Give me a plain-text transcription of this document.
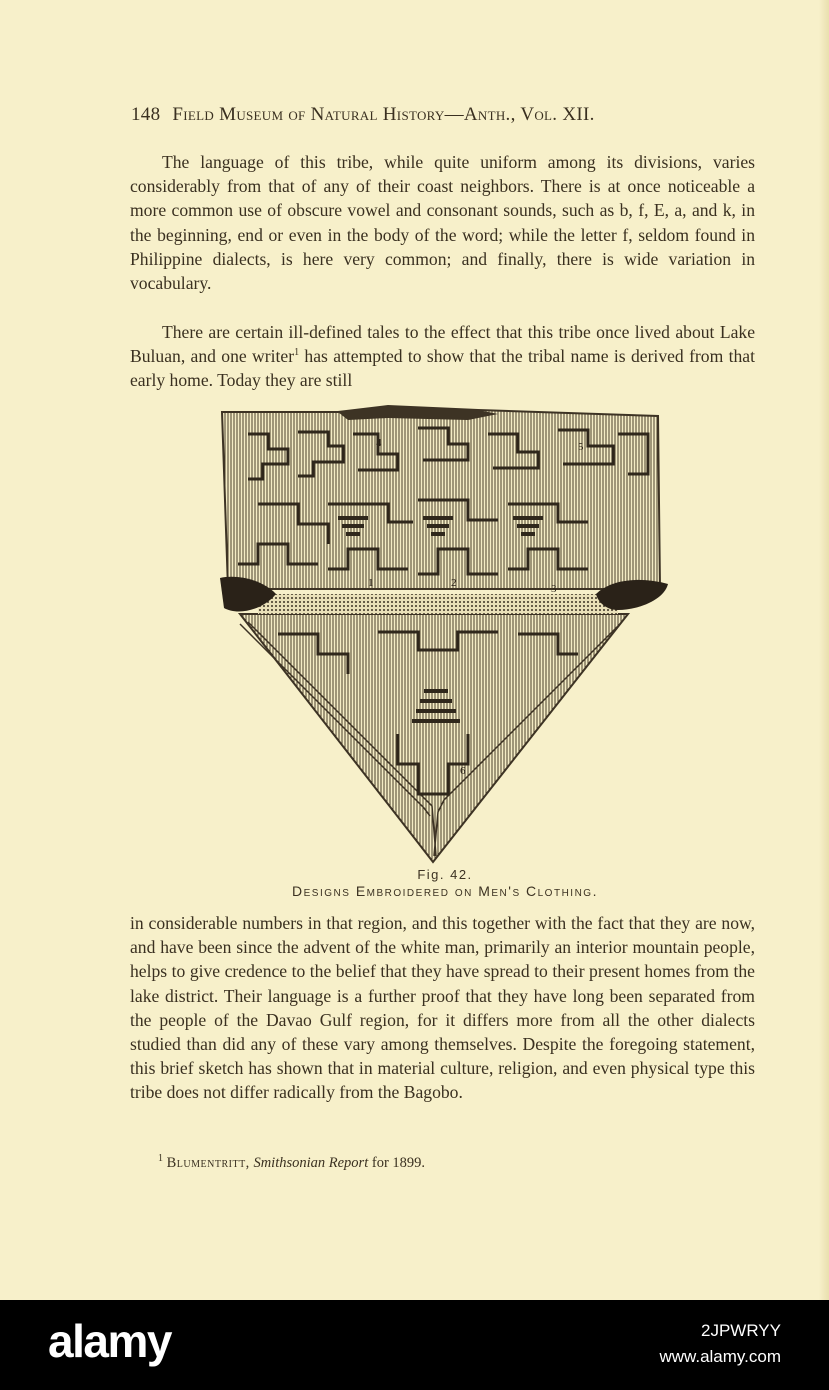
148 Field Museum of Natural History—Anth., Vol. XII.
The language of this tribe, while quite uniform among its divisions, varies considerably from that of any of their coast neighbors. There is at once noticeable a more common use of obscure vowel and consonant sounds, such as b, f, E, a, and k, in the beginning, end or even in the body of the word; while the letter f, seldom found in Philippine dialects, is here very common; and finally, there is wide variation in vocabulary.
There are certain ill-defined tales to the effect that this tribe once lived about Lake Buluan, and one writer$^1$ has attempted to show that the tribal name is derived from that early home. Today they are still
1	2	3
4	5
6
Fig. 42.
Designs Embroidered on Men's Clothing.
in considerable numbers in that region, and this together with the fact that they are now, and have been since the advent of the white man, primarily an interior mountain people, helps to give credence to the belief that they have spread to their present homes from the lake district. Their language is a further proof that they have long been separated from the people of the Davao Gulf region, for it differs more from all the other dialects studied than did any of these vary among themselves. Despite the foregoing statement, this brief sketch has shown that in material culture, religion, and even physical type this tribe does not differ radically from the Bagobo.
$^1$ Blumentritt, Smithsonian Report for 1899.
alamy	2JPWRYY
www.alamy.com
